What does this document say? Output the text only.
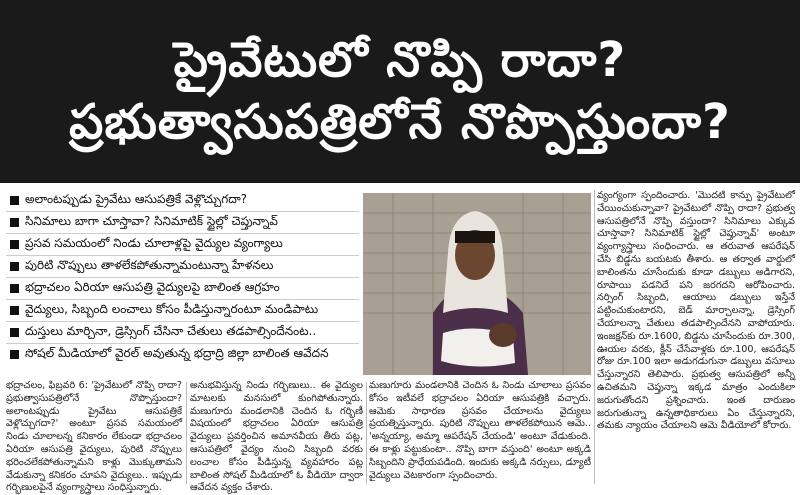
ప్రైవేటులో నొప్పి రాదా?
ప్రభుత్వాసుపత్రిలోనే నొప్పొస్తుందా?
అలాంటప్పుడు ప్రైవేటు ఆసుపత్రికే వెళ్లొచ్చుగదా?
సినిమాలు బాగా చూస్తావా? సినిమాటిక్ స్టైల్లో చెప్తున్నావ్
ప్రసవ సమయంలో నిండు చూలాళ్లపై వైద్యుల వ్యంగ్యాలు
పురిటి నొప్పులు తాళలేకపోతున్నామంటున్నా హేళనలు
భద్రాచలం ఏరియా ఆసుపత్రి వైద్యులపై బాలింత ఆగ్రహం
వైద్యులు, సిబ్బంది లంచాలు కోసం పీడిస్తున్నారంటూ మండిపాటు
దుస్తులు మార్చినా, డ్రెస్సింగ్ చేసినా చేతులు తడపాల్సిందేనంట..
సోషల్ మీడియాలో వైరల్ అవుతున్న భద్రాద్రి జిల్లా బాలింత ఆవేదన
భద్రాచలం, ఫిబ్రవరి 6: 'ప్రైవేటులో నొప్పి రాదా? ప్రభుత్వాసుపత్రిలోనే నొప్పొస్తుందా? అలాంటప్పుడు ప్రైవేటు ఆసుపత్రికే వెళ్లొచ్చుగదా?' అంటూ ప్రసవ సమయంలో నిండు చూలాలన్న కనికారం లేకుండా భద్రాచలం ఏరియా ఆసుపత్రి వైద్యులు, పురిటి నొప్పులు భరించలేకపోతున్నామని కాళ్లు మొక్కుతామని వేడుకున్నా కనికరం చూపని వైద్యులు.. ఇప్పుడు గర్భిణులపైనే వ్యంగ్యాస్త్రాలు సంధిస్తున్నారు.
అనుభవిస్తున్న నిండు గర్భిణులు.. ఈ వైద్యుల మాటలకు మనసులో కుంగిపోతున్నారు. మణుగూరు మండలానికి చెందిన ఓ గర్భిణీ విషయంలో భద్రాచలం ఏరియా ఆసుపత్రి వైద్యులు ప్రవర్తించిన అమానవీయ తీరు పట్ల, ఆసుపత్రిలో వైద్యం నుంచి సిబ్బంది వరకు లంచాల కోసం పీడిస్తున్న వ్యవహారం పట్ల బాలింత సోషల్ మీడియాలో ఓ వీడియో ద్వారా ఆవేదన వ్యక్తం చేశారు.
మణుగూరు మండలానికి చెందిన ఓ నిండు చూలాలు ప్రసవం కోసం ఇటీవలే భద్రాచలం ఏరియా ఆసుపత్రికి వచ్చారు. ఆమెకు సాధారణ ప్రసవం చేయాలను వైద్యులు ప్రయత్నిస్తున్నారు. పురిటి నొప్పులు తాళలేకపోయిన ఆమె.. 'అన్నయ్యా, అమ్మా ఆపరేషన్ చేయండి' అంటూ వేడుకుంది. ఈ కాళ్లు పట్టుకుంటా.. నొప్పి బాగా వస్తుంది' అంటూ అక్కడి సిబ్బందిని ప్రాధేయపడింది. ఇందుకు అక్కడి నర్సులు, డ్యూటీ వైద్యులు వెటకారంగా స్పందించారు.
వ్యంగ్యంగా స్పందించారు. 'మొదటి కాన్పు ప్రైవేటులో చేయించుకున్నావా? ప్రైవేటులో నొప్పి రాదా? ప్రభుత్వ ఆసుపత్రిలోనే నొప్పి వస్తుందా? సినిమాలు ఎక్కువ చూస్తావా? సినిమాటిక్ స్టైల్లో చెప్తున్నావ్' అంటూ వ్యంగ్యాస్త్రాలు సంధించారు. ఆ తరువాత ఆపరేషన్ చేసి బిడ్డను బయటకు తీశారు. ఆ తర్వాత వార్డులో బాలింతను చూసేందుకు కూడా డబ్బులు అడిగారని, రూపాయి పడనిదే పని జరగదని ఆరోపించారు. నర్సింగ్ సిబ్బంది, ఆయాలు డబ్బులు ఇస్తేనే పట్టించుకుంటారని, బెడ్ మార్చాలన్నా, డ్రెస్సింగ్ చేయాలన్నా చేతులు తడపాల్సిందేనని వాపోయారు. ఇంజక్షన్‌కు రూ.1600, బిడ్డను చూసేందుకు రూ.300, ఊయల వరకు, క్లీన్ చేసేవాళ్లకు రూ.100, ఆపరేషన్ రోజు రూ.100 ఇలా అడుగడుగునా డబ్బులు వసూలు చేస్తున్నారని తెలిపారు. ప్రభుత్వ ఆసుపత్రిలో అన్నీ ఉచితమని చెప్తున్నా ఇక్కడ మాత్రం ఎందుకిలా జరుగుతోందని ప్రశ్నించారు. ఇంత దారుణం జరుగుతున్నా ఉన్నతాధికారులు ఏం చేస్తున్నారని, తమకు న్యాయం చేయాలని ఆమె వీడియోలో కోరారు.
